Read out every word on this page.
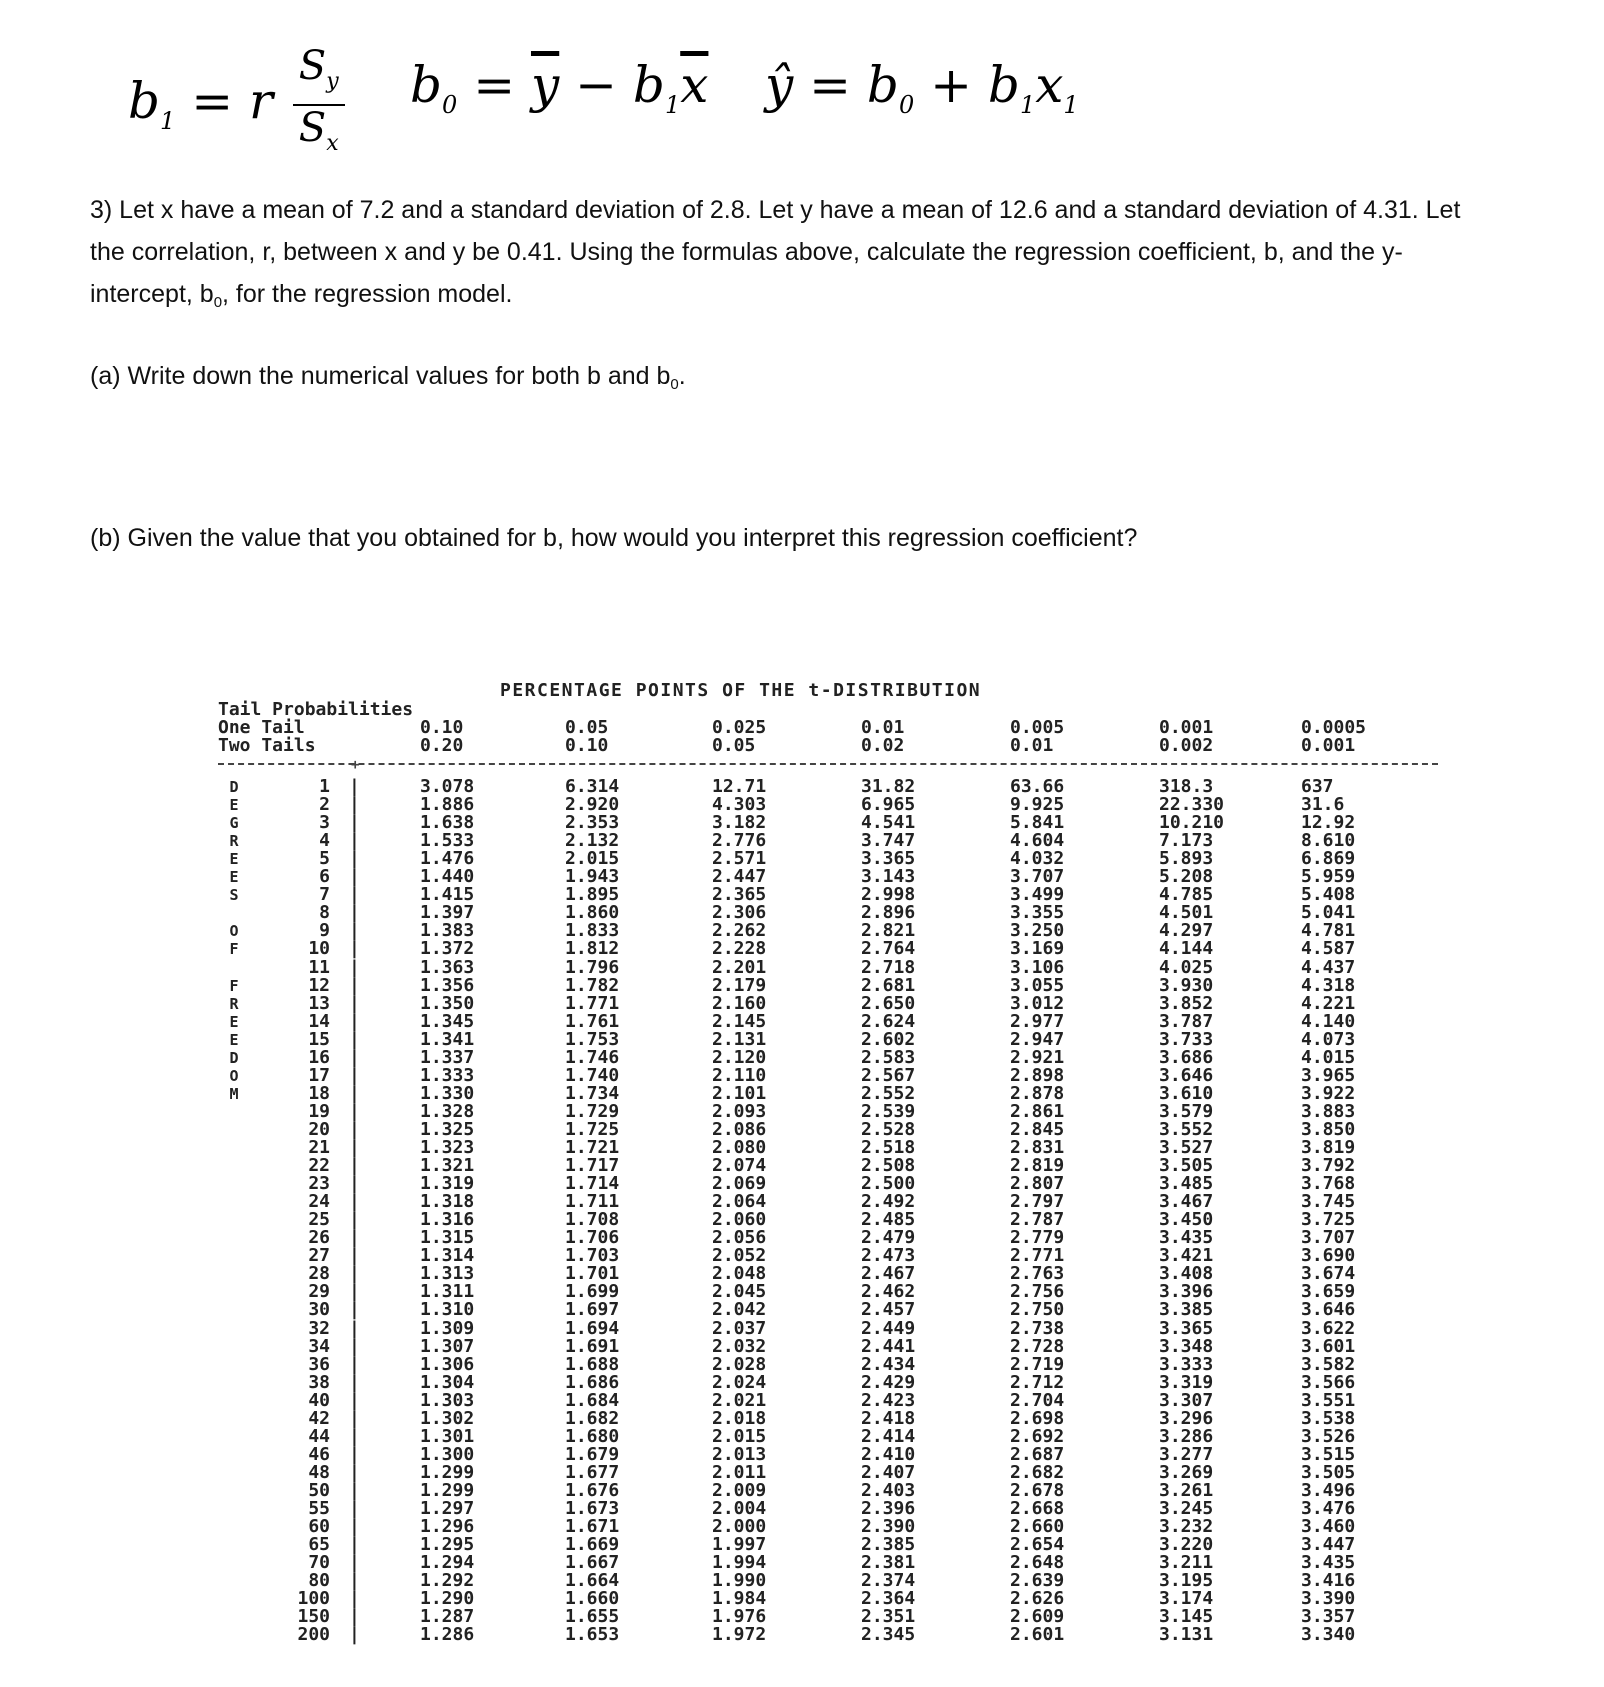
$b_1 = r \frac{S_y}{S_x} b_0 = \overline{y} - b_1\overline{x}$ ŷ = $b_0 + b_1x_1$
3) Let x have a mean of 7.2 and a standard deviation of 2.8. Let y have a mean of 12.6 and a standard deviation of 4.31. Let the correlation, r, between x and y be 0.41. Using the formulas above, calculate the regression coefficient, b, and the y-intercept, $b_0$, for the regression model.
(a) Write down the numerical values for both b and $b_0$.
(b) Given the value that you obtained for b, how would you interpret this regression coefficient?
PERCENTAGE POINTS OF THE t-DISTRIBUTION
Tail Probabilities
One Tail
Two Tails
0.10	0.05	0.025	0.01	0.005	0.001	0.0005
0.20	0.10	0.05	0.02	0.01	0.002	0.001
+
D
E
G
R
E
E
S
O
F
F
R
E
E
D
O
M
1 |	3.078	6.314	12.71	31.82	63.66	318.3	637
2 |	1.886	2.920	4.303	6.965	9.925	22.330	31.6
3 |	1.638	2.353	3.182	4.541	5.841	10.210	12.92
4 |	1.533	2.132	2.776	3.747	4.604	7.173	8.610
5 |	1.476	2.015	2.571	3.365	4.032	5.893	6.869
6 |	1.440	1.943	2.447	3.143	3.707	5.208	5.959
7 |	1.415	1.895	2.365	2.998	3.499	4.785	5.408
8 |	1.397	1.860	2.306	2.896	3.355	4.501	5.041
9 |	1.383	1.833	2.262	2.821	3.250	4.297	4.781
10 |	1.372	1.812	2.228	2.764	3.169	4.144	4.587
11 |	1.363	1.796	2.201	2.718	3.106	4.025	4.437
12 |	1.356	1.782	2.179	2.681	3.055	3.930	4.318
13 |	1.350	1.771	2.160	2.650	3.012	3.852	4.221
14 |	1.345	1.761	2.145	2.624	2.977	3.787	4.140
15 |	1.341	1.753	2.131	2.602	2.947	3.733	4.073
16 |	1.337	1.746	2.120	2.583	2.921	3.686	4.015
17 |	1.333	1.740	2.110	2.567	2.898	3.646	3.965
18 |	1.330	1.734	2.101	2.552	2.878	3.610	3.922
19 |	1.328	1.729	2.093	2.539	2.861	3.579	3.883
20 |	1.325	1.725	2.086	2.528	2.845	3.552	3.850
21 |	1.323	1.721	2.080	2.518	2.831	3.527	3.819
22 |	1.321	1.717	2.074	2.508	2.819	3.505	3.792
23 |	1.319	1.714	2.069	2.500	2.807	3.485	3.768
24 |	1.318	1.711	2.064	2.492	2.797	3.467	3.745
25 |	1.316	1.708	2.060	2.485	2.787	3.450	3.725
26 |	1.315	1.706	2.056	2.479	2.779	3.435	3.707
27 |	1.314	1.703	2.052	2.473	2.771	3.421	3.690
28 |	1.313	1.701	2.048	2.467	2.763	3.408	3.674
29 |	1.311	1.699	2.045	2.462	2.756	3.396	3.659
30 |	1.310	1.697	2.042	2.457	2.750	3.385	3.646
32 |	1.309	1.694	2.037	2.449	2.738	3.365	3.622
34 |	1.307	1.691	2.032	2.441	2.728	3.348	3.601
36 |	1.306	1.688	2.028	2.434	2.719	3.333	3.582
38 |	1.304	1.686	2.024	2.429	2.712	3.319	3.566
40 |	1.303	1.684	2.021	2.423	2.704	3.307	3.551
42 |	1.302	1.682	2.018	2.418	2.698	3.296	3.538
44 |	1.301	1.680	2.015	2.414	2.692	3.286	3.526
46 |	1.300	1.679	2.013	2.410	2.687	3.277	3.515
48 |	1.299	1.677	2.011	2.407	2.682	3.269	3.505
50 |	1.299	1.676	2.009	2.403	2.678	3.261	3.496
55 |	1.297	1.673	2.004	2.396	2.668	3.245	3.476
60 |	1.296	1.671	2.000	2.390	2.660	3.232	3.460
65 |	1.295	1.669	1.997	2.385	2.654	3.220	3.447
70 |	1.294	1.667	1.994	2.381	2.648	3.211	3.435
80 |	1.292	1.664	1.990	2.374	2.639	3.195	3.416
100 |	1.290	1.660	1.984	2.364	2.626	3.174	3.390
150 |	1.287	1.655	1.976	2.351	2.609	3.145	3.357
200 |	1.286	1.653	1.972	2.345	2.601	3.131	3.340
